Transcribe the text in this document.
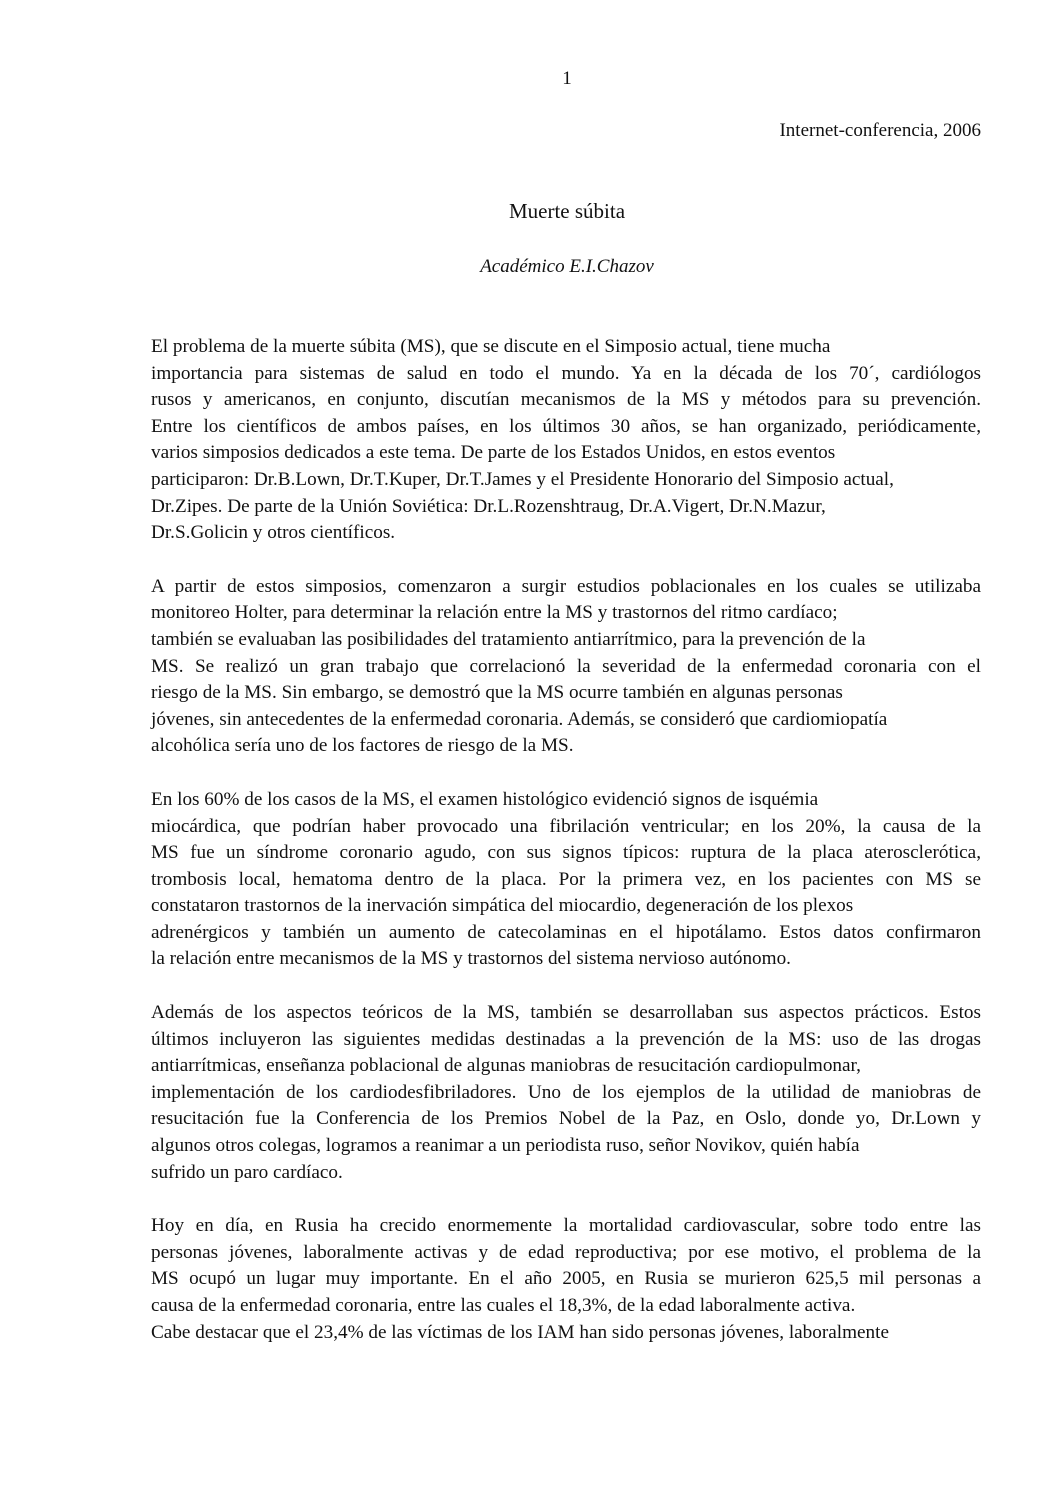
1
Internet-conferencia, 2006
Muerte súbita
Académico E.I.Chazov

El problema de la muerte súbita (MS), que se discute en el Simposio actual, tiene mucha
importancia para sistemas de salud en todo el mundo. Ya en la década de los 70´, cardiólogos
rusos y americanos, en conjunto, discutían mecanismos de la MS y métodos para su prevención.
Entre los científicos de ambos países, en los últimos 30 años, se han organizado, periódicamente,
varios simposios dedicados a este tema. De parte de los Estados Unidos, en estos eventos
participaron: Dr.B.Lown, Dr.T.Kuper, Dr.T.James y el Presidente Honorario del Simposio actual,
Dr.Zipes. De parte de la Unión Soviética: Dr.L.Rozenshtraug, Dr.A.Vigert, Dr.N.Mazur,
Dr.S.Golicin y otros científicos.

A partir de estos simposios, comenzaron a surgir estudios poblacionales en los cuales se utilizaba
monitoreo Holter, para determinar la relación entre la MS y trastornos del ritmo cardíaco;
también se evaluaban las posibilidades del tratamiento antiarrítmico, para la prevención de la
MS. Se realizó un gran trabajo que correlacionó la severidad de la enfermedad coronaria con el
riesgo de la MS. Sin embargo, se demostró que la MS ocurre también en algunas personas
jóvenes, sin antecedentes de la enfermedad coronaria. Además, se consideró que cardiomiopatía
alcohólica sería uno de los factores de riesgo de la MS.

En los 60% de los casos de la MS, el examen histológico evidenció signos de isquémia
miocárdica, que podrían haber provocado una fibrilación ventricular; en los 20%, la causa de la
MS fue un síndrome coronario agudo, con sus signos típicos: ruptura de la placa aterosclerótica,
trombosis local, hematoma dentro de la placa. Por la primera vez, en los pacientes con MS se
constataron trastornos de la inervación simpática del miocardio, degeneración de los plexos
adrenérgicos y también un aumento de catecolaminas en el hipotálamo. Estos datos confirmaron
la relación entre mecanismos de la MS y trastornos del sistema nervioso autónomo.

Además de los aspectos teóricos de la MS, también se desarrollaban sus aspectos prácticos. Estos
últimos incluyeron las siguientes medidas destinadas a la prevención de la MS: uso de las drogas
antiarrítmicas, enseñanza poblacional de algunas maniobras de resucitación cardiopulmonar,
implementación de los cardiodesfibriladores. Uno de los ejemplos de la utilidad de maniobras de
resucitación fue la Conferencia de los Premios Nobel de la Paz, en Oslo, donde yo, Dr.Lown y
algunos otros colegas, logramos a reanimar a un periodista ruso, señor Novikov, quién había
sufrido un paro cardíaco.

Hoy en día, en Rusia ha crecido enormemente la mortalidad cardiovascular, sobre todo entre las
personas jóvenes, laboralmente activas y de edad reproductiva; por ese motivo, el problema de la
MS ocupó un lugar muy importante. En el año 2005, en Rusia se murieron 625,5 mil personas a
causa de la enfermedad coronaria, entre las cuales el 18,3%, de la edad laboralmente activa.
Cabe destacar que el 23,4% de las víctimas de los IAM han sido personas jóvenes, laboralmente
